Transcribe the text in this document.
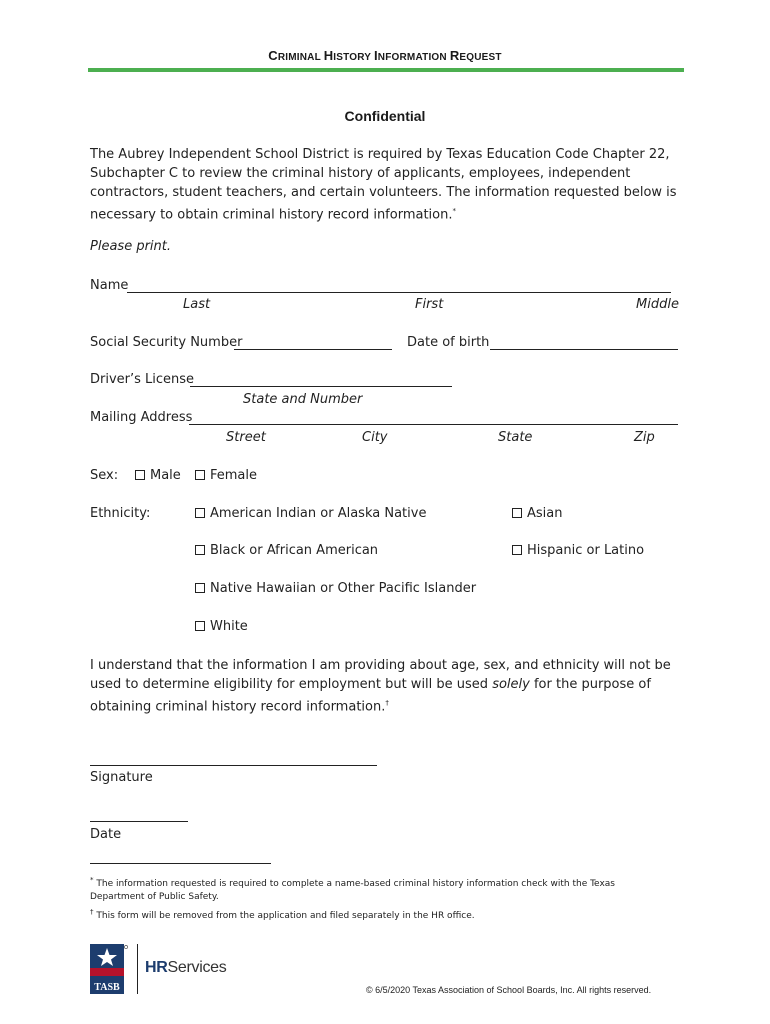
CRIMINAL HISTORY INFORMATION REQUEST
Confidential
The Aubrey Independent School District is required by Texas Education Code Chapter 22, Subchapter C to review the criminal history of applicants, employees, independent contractors, student teachers, and certain volunteers. The information requested below is necessary to obtain criminal history record information.*
Please print.
Name
Last	First	Middle
Social Security Number	Date of birth
Driver’s License
State and Number
Mailing Address
Street	City	State	Zip
Sex:	Male	Female
Ethnicity:	American Indian or Alaska Native	Asian
Black or African American	Hispanic or Latino
Native Hawaiian or Other Pacific Islander
White
I understand that the information I am providing about age, sex, and ethnicity will not be used to determine eligibility for employment but will be used solely for the purpose of obtaining criminal history record information.†
Signature
Date
* The information requested is required to complete a name-based criminal history information check with the Texas Department of Public Safety.
† This form will be removed from the application and filed separately in the HR office.
TASB
HRServices
© 6/5/2020 Texas Association of School Boards, Inc. All rights reserved.
